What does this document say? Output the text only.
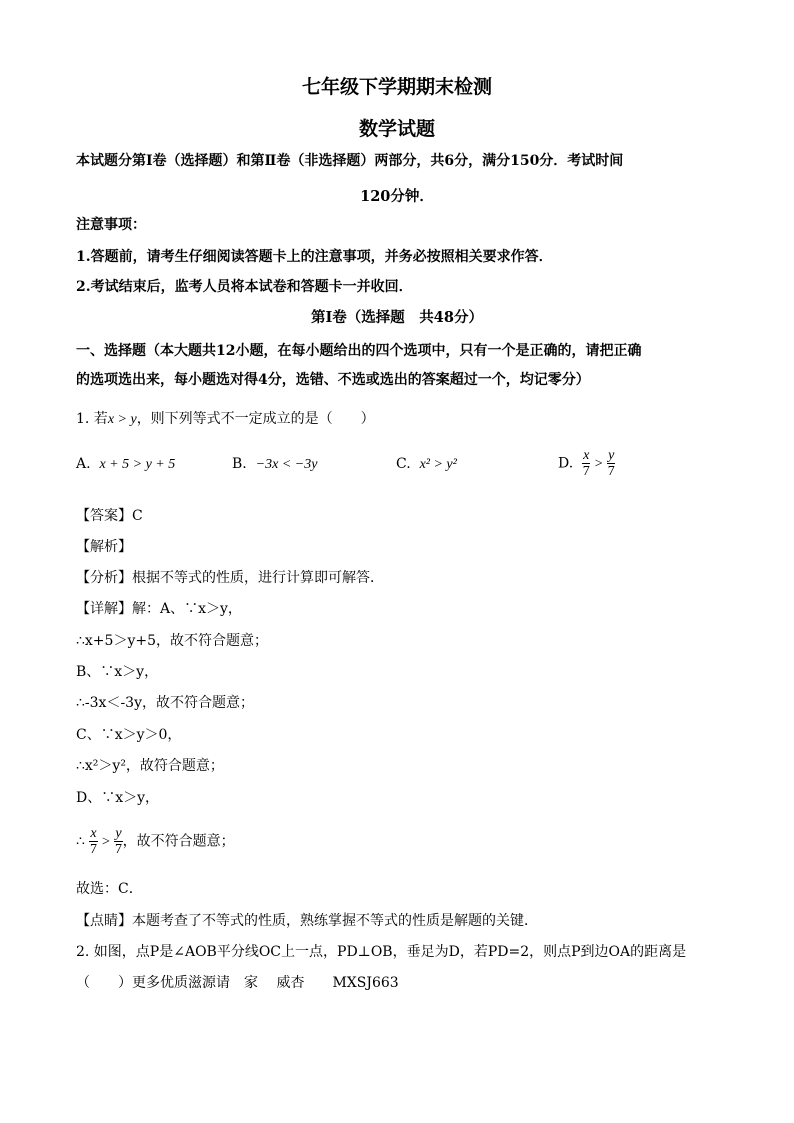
七年级下学期期末检测
数学试题
本试题分第Ⅰ卷（选择题）和第Ⅱ卷（非选择题）两部分，共6分，满分150分．考试时间
120分钟．
注意事项：
1.答题前，请考生仔细阅读答题卡上的注意事项，并务必按照相关要求作答．
2.考试结束后，监考人员将本试卷和答题卡一并收回．
第Ⅰ卷（选择题　共48分）
一、选择题（本大题共12小题，在每小题给出的四个选项中，只有一个是正确的，请把正确
的选项选出来，每小题选对得4分，选错、不选或选出的答案超过一个，均记零分）
1. 若x > y，则下列等式不一定成立的是（　　）
A. x + 5 > y + 5	B. −3x < −3y	C. x² > y²	D. $\frac{x}{7} > \frac{y}{7}$
【答案】C
【解析】
【分析】根据不等式的性质，进行计算即可解答．
【详解】解：A、∵x＞y，
∴x+5＞y+5，故不符合题意；
B、∵x＞y，
∴-3x＜-3y，故不符合题意；
C、∵x＞y＞0，
∴x²＞y²，故符合题意；
D、∵x＞y，
∴ $\frac{x}{7} > \frac{y}{7}$ ，故不符合题意；
故选：C．
【点睛】本题考查了不等式的性质，熟练掌握不等式的性质是解题的关键．
2. 如图，点P是∠AOB平分线OC上一点，PD⊥OB，垂足为D，若PD=2，则点P到边OA的距离是
（　　）更多优质滋源请　家　 威杏　　MXSJ663
